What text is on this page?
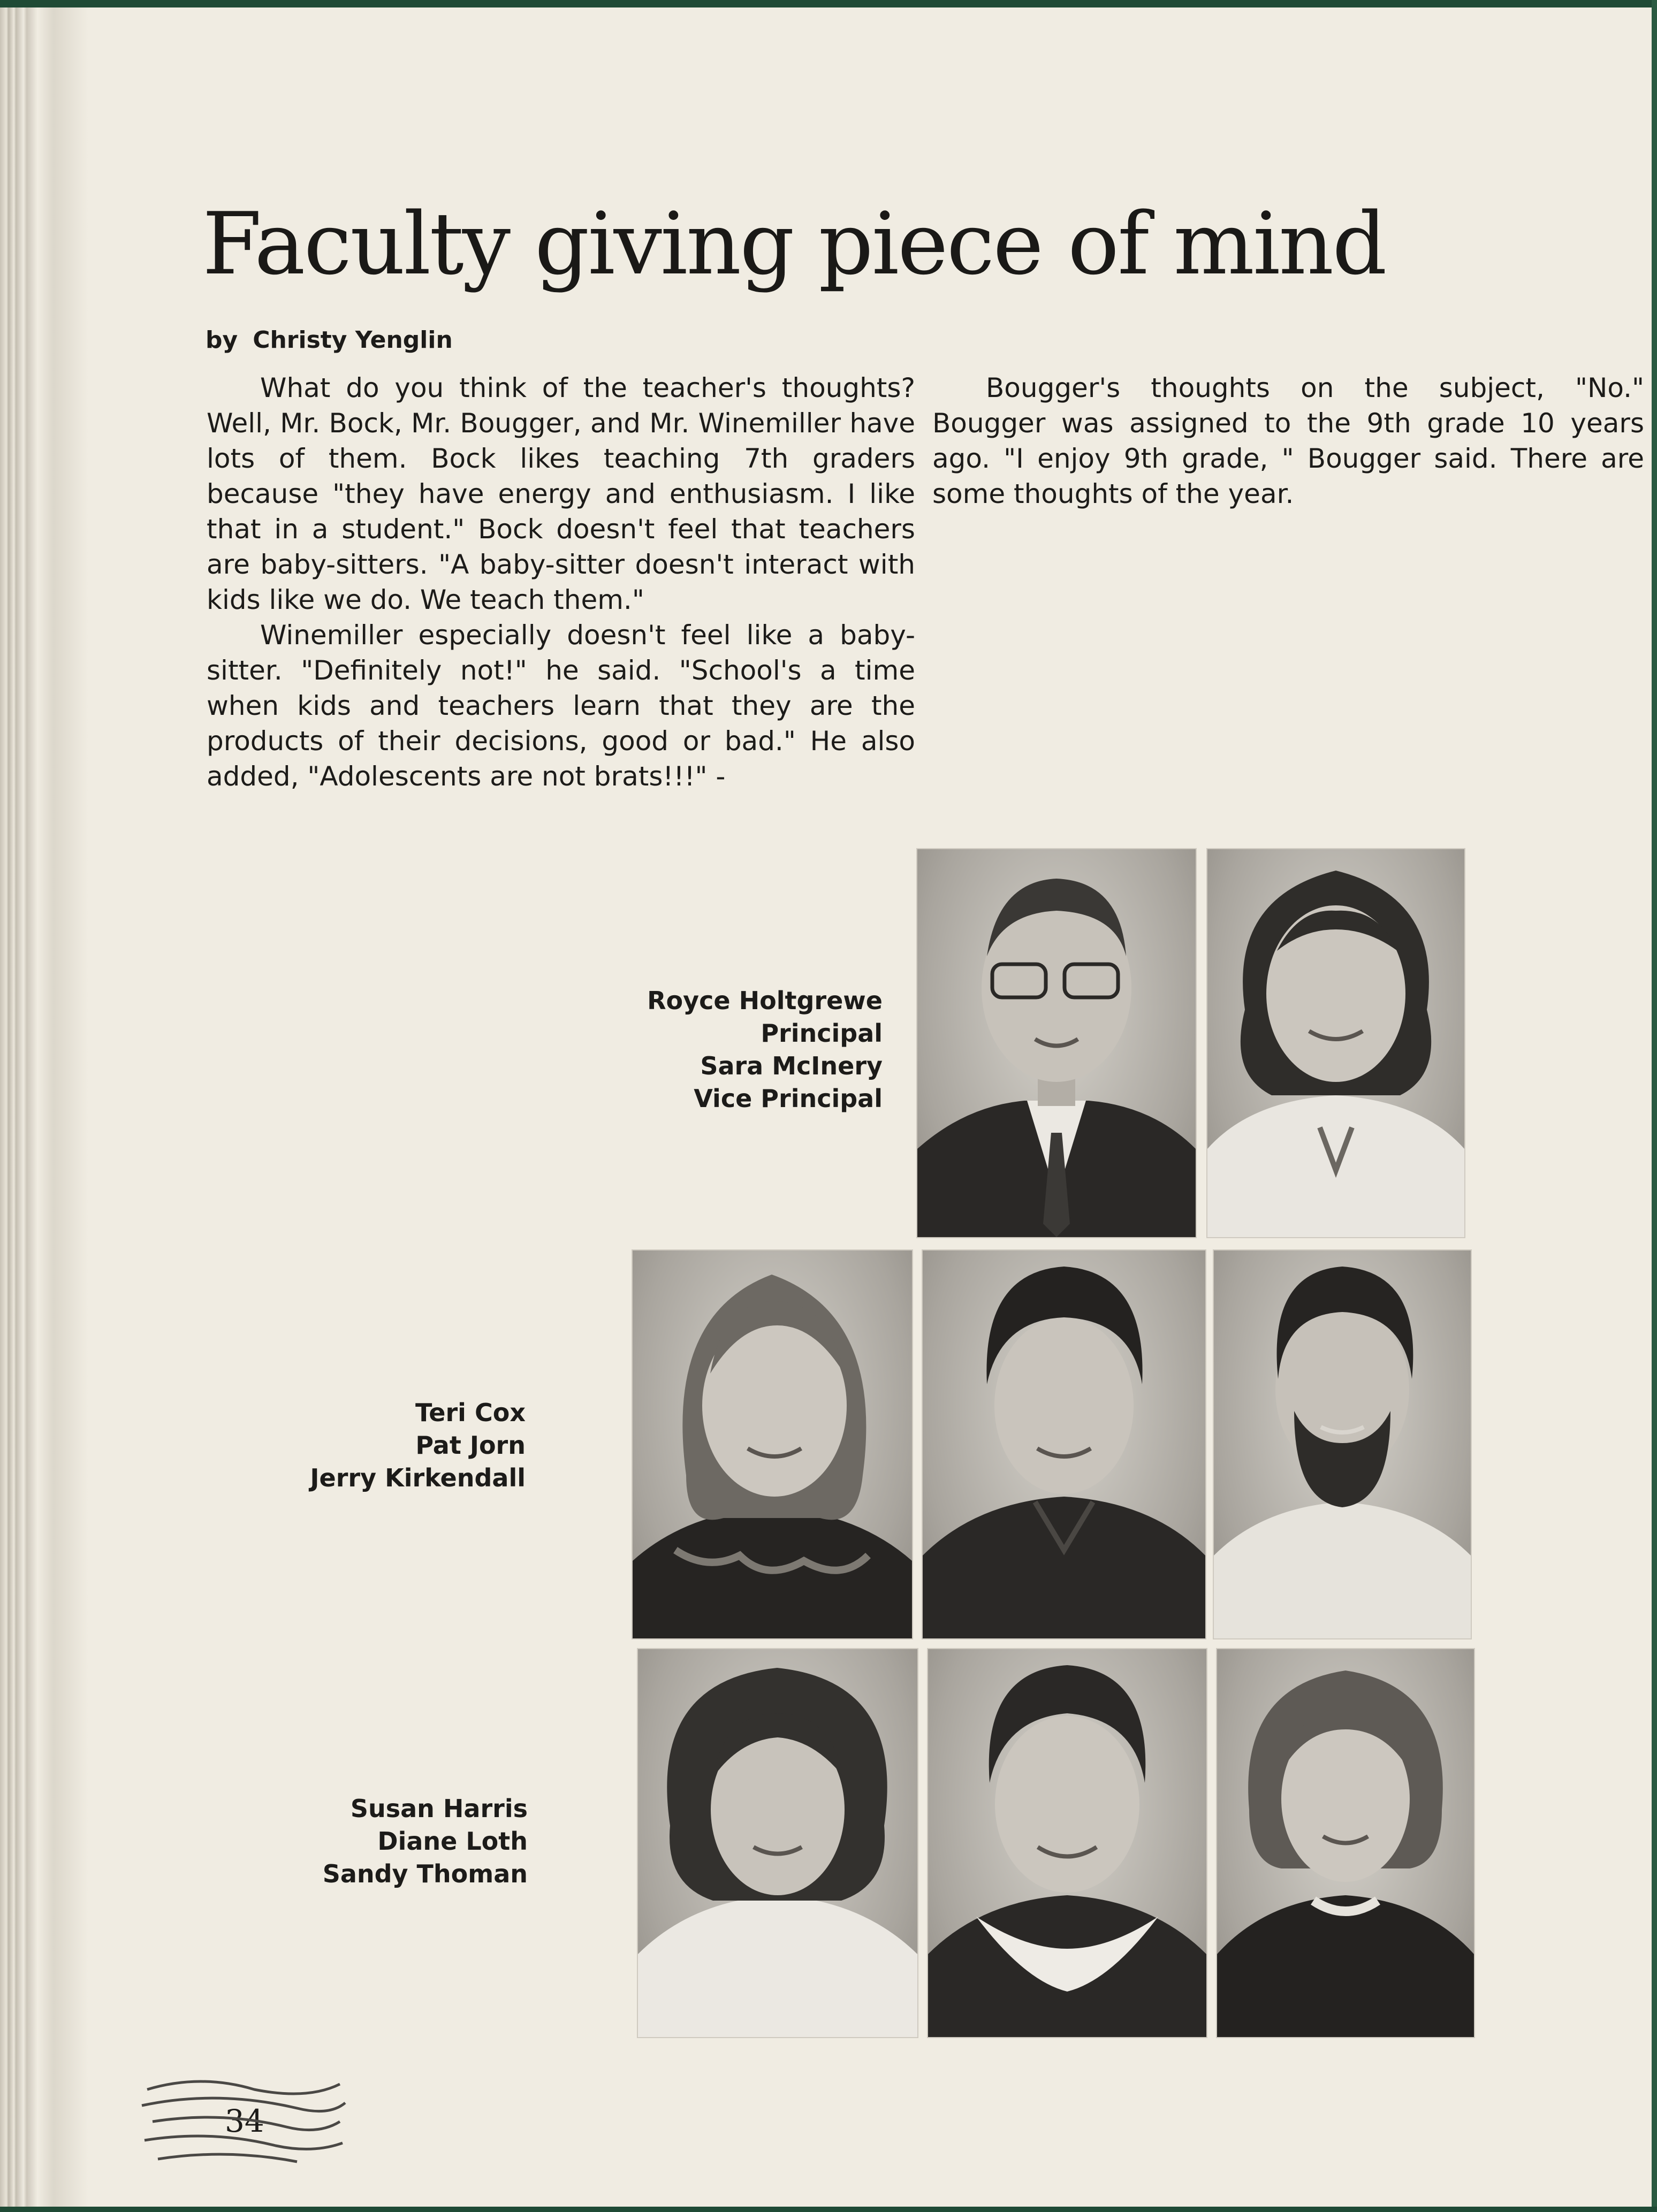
Faculty giving piece of mind
by Christy Yenglin

What do you think of the teacher's thoughts? Well, Mr. Bock, Mr. Bougger, and Mr. Winemiller have lots of them. Bock likes teaching 7th graders because "they have energy and enthusiasm. I like that in a student." Bock doesn't feel that teachers are baby-sitters. "A baby-sitter doesn't interact with kids like we do. We teach them."

Winemiller especially doesn't feel like a baby-sitter. "Definitely not!" he said. "School's a time when kids and teachers learn that they are the products of their decisions, good or bad." He also added, "Adolescents are not brats!!!" -

Bougger's thoughts on the subject, "No." Bougger was assigned to the 9th grade 10 years ago. "I enjoy 9th grade, " Bougger said. There are some thoughts of the year.

Royce Holtgrewe
Principal
Sara McInery
Vice Principal
Teri Cox
Pat Jorn
Jerry Kirkendall
Susan Harris
Diane Loth
Sandy Thoman
34
